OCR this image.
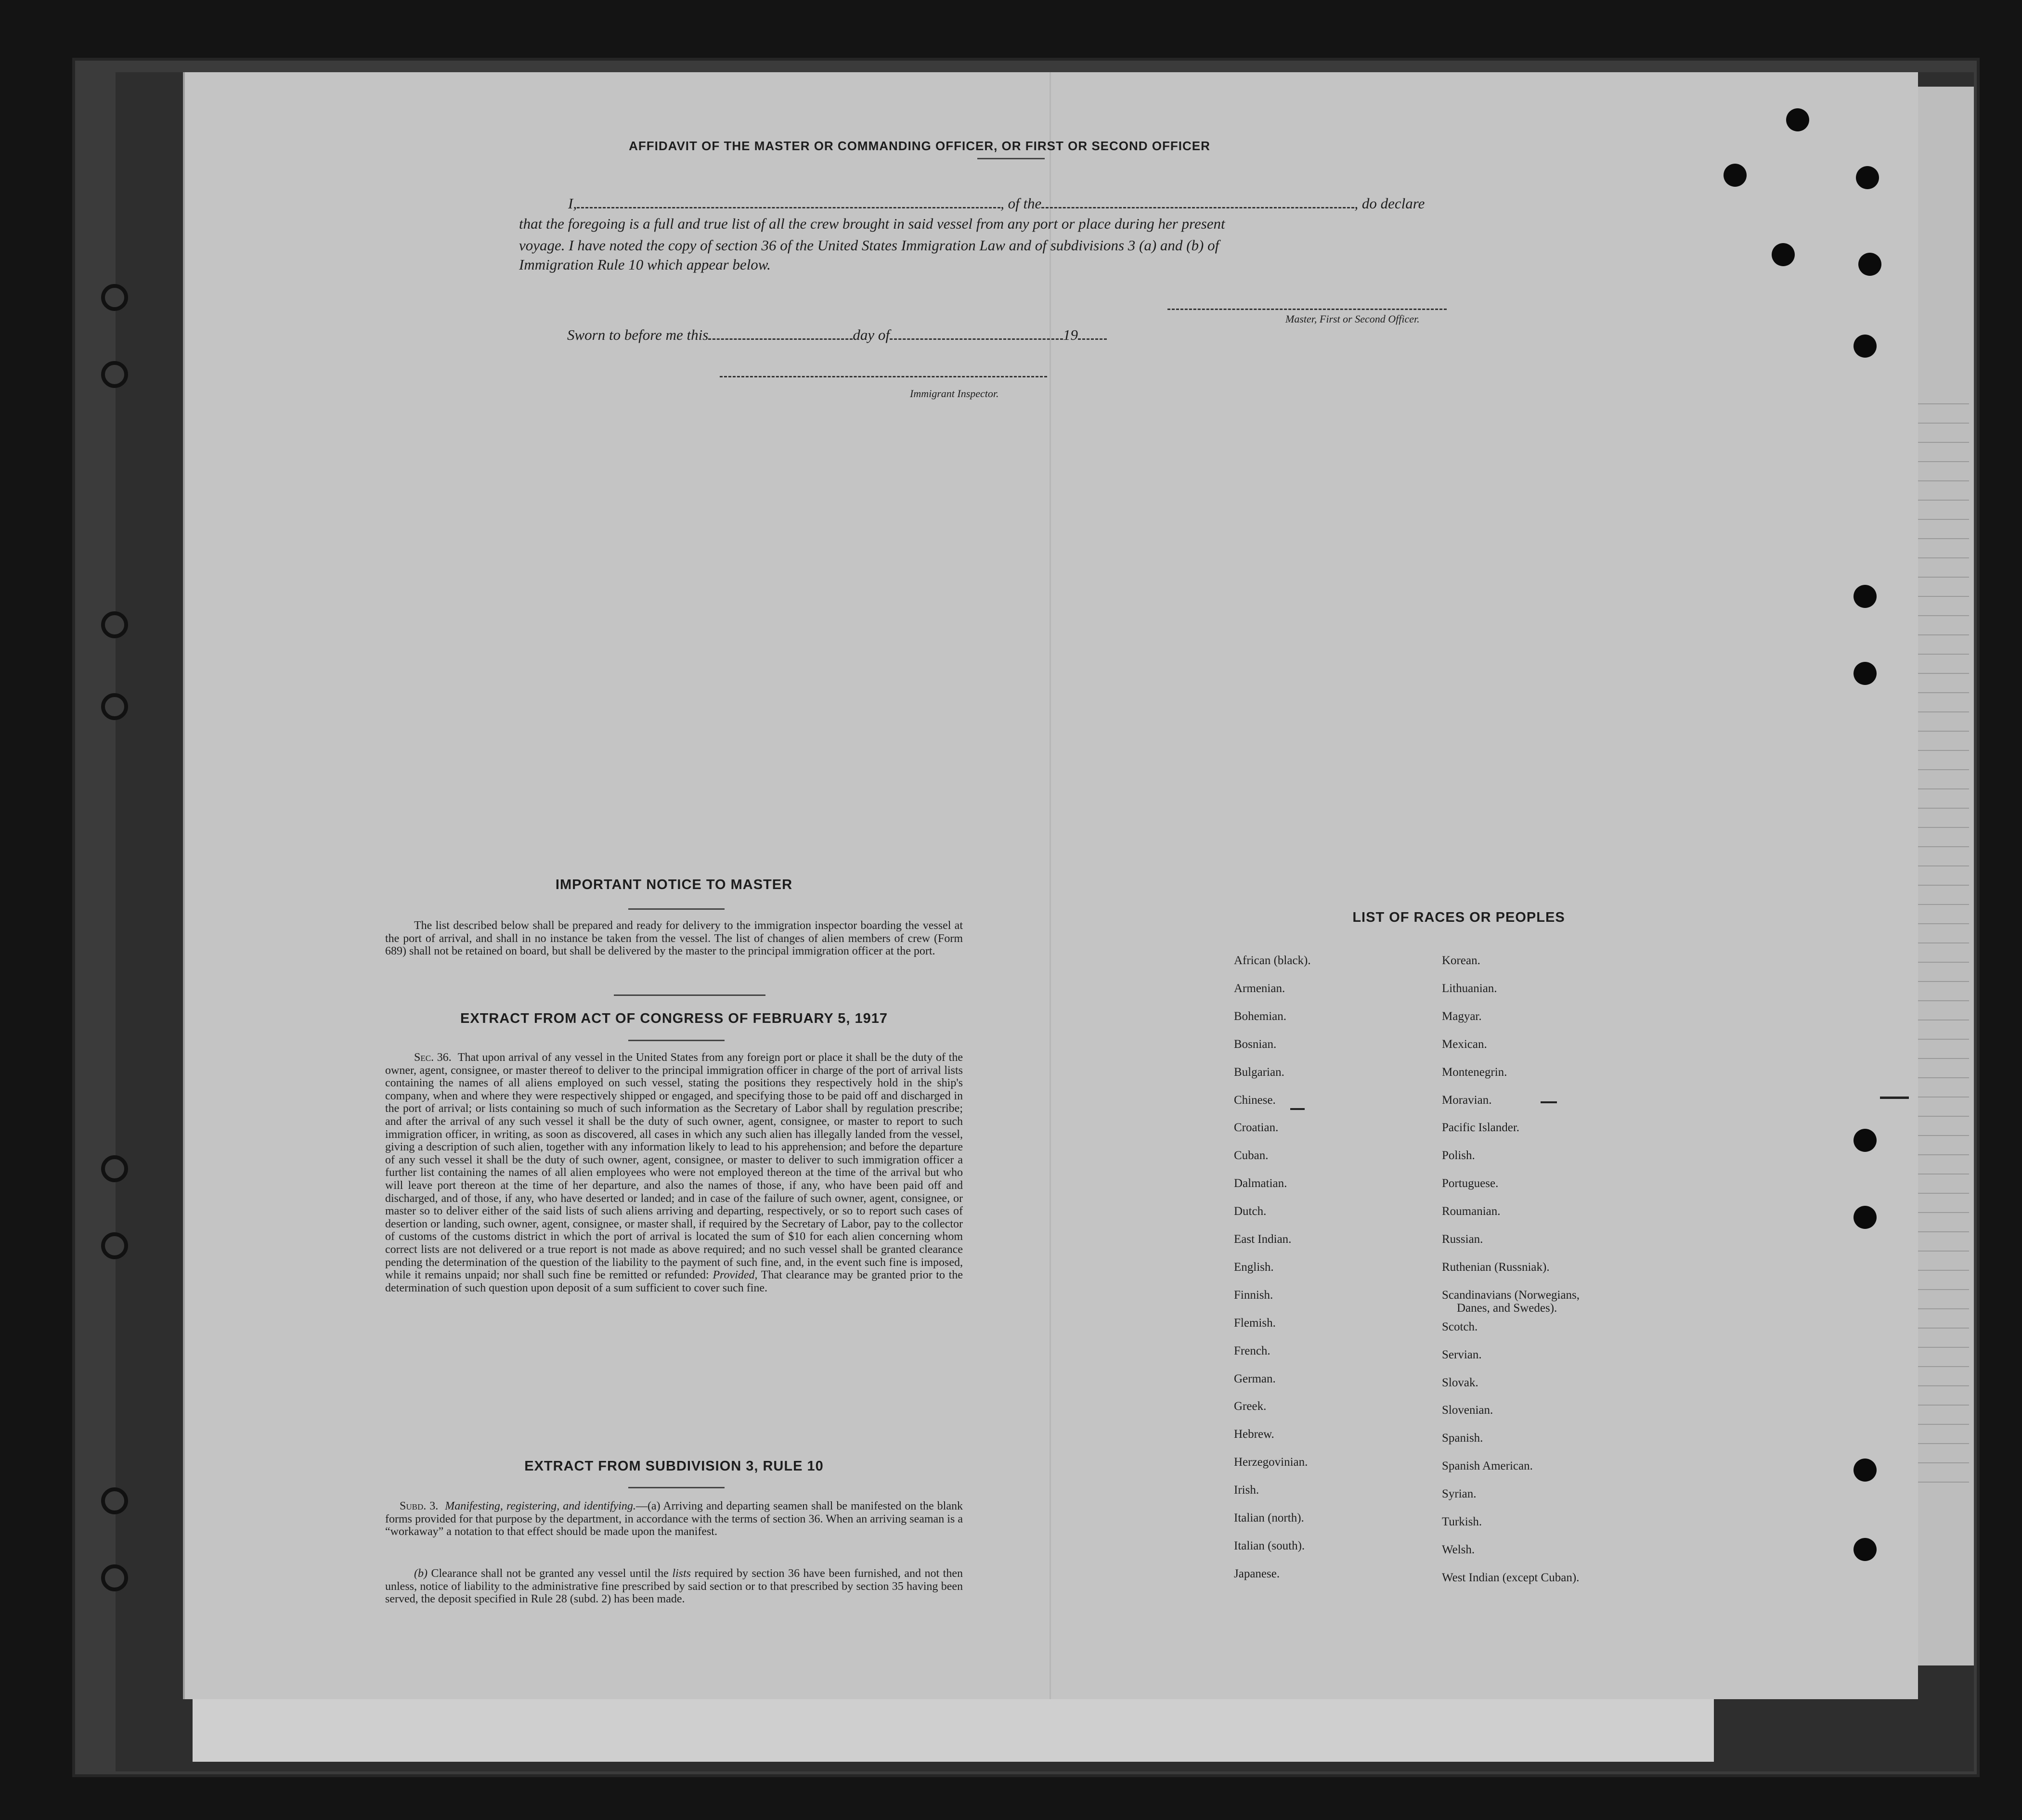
AFFIDAVIT OF THE MASTER OR COMMANDING OFFICER, OR FIRST OR SECOND OFFICER
I,	, of the	, do declare
that the foregoing is a full and true list of all the crew brought in said vessel from any port or place during her present
voyage. I have noted the copy of section 36 of the United States Immigration Law and of subdivisions 3 (a) and (b) of
Immigration Rule 10 which appear below.
Master, First or Second Officer.
Sworn to before me this	day of	19
Immigrant Inspector.
IMPORTANT NOTICE TO MASTER
The list described below shall be prepared and ready for delivery to the immigration inspector boarding the vessel at the port of arrival, and shall in no instance be taken from the vessel. The list of changes of alien members of crew (Form 689) shall not be retained on board, but shall be delivered by the master to the principal immigration officer at the port.
EXTRACT FROM ACT OF CONGRESS OF FEBRUARY 5, 1917
Sec. 36. That upon arrival of any vessel in the United States from any foreign port or place it shall be the duty of the owner, agent, consignee, or master thereof to deliver to the principal immigration officer in charge of the port of arrival lists containing the names of all aliens employed on such vessel, stating the positions they respectively hold in the ship's company, when and where they were respectively shipped or engaged, and specifying those to be paid off and discharged in the port of arrival; or lists containing so much of such information as the Secretary of Labor shall by regulation prescribe; and after the arrival of any such vessel it shall be the duty of such owner, agent, consignee, or master to report to such immigration officer, in writing, as soon as discovered, all cases in which any such alien has illegally landed from the vessel, giving a description of such alien, together with any information likely to lead to his apprehension; and before the departure of any such vessel it shall be the duty of such owner, agent, consignee, or master to deliver to such immigration officer a further list containing the names of all alien employees who were not employed thereon at the time of the arrival but who will leave port thereon at the time of her departure, and also the names of those, if any, who have been paid off and discharged, and of those, if any, who have deserted or landed; and in case of the failure of such owner, agent, consignee, or master so to deliver either of the said lists of such aliens arriving and departing, respectively, or so to report such cases of desertion or landing, such owner, agent, consignee, or master shall, if required by the Secretary of Labor, pay to the collector of customs of the customs district in which the port of arrival is located the sum of $10 for each alien concerning whom correct lists are not delivered or a true report is not made as above required; and no such vessel shall be granted clearance pending the determination of the question of the liability to the payment of such fine, and, in the event such fine is imposed, while it remains unpaid; nor shall such fine be remitted or refunded: Provided, That clearance may be granted prior to the determination of such question upon deposit of a sum sufficient to cover such fine.
EXTRACT FROM SUBDIVISION 3, RULE 10
Subd. 3. Manifesting, registering, and identifying.—(a) Arriving and departing seamen shall be manifested on the blank forms provided for that purpose by the department, in accordance with the terms of section 36. When an arriving seaman is a “workaway” a notation to that effect should be made upon the manifest.
(b) Clearance shall not be granted any vessel until the lists required by section 36 have been furnished, and not then unless, notice of liability to the administrative fine prescribed by said section or to that prescribed by section 35 having been served, the deposit specified in Rule 28 (subd. 2) has been made.
LIST OF RACES OR PEOPLES
African (black).
Armenian.
Bohemian.
Bosnian.
Bulgarian.
Chinese.
Croatian.
Cuban.
Dalmatian.
Dutch.
East Indian.
English.
Finnish.
Flemish.
French.
German.
Greek.
Hebrew.
Herzegovinian.
Irish.
Italian (north).
Italian (south).
Japanese.
Korean.
Lithuanian.
Magyar.
Mexican.
Montenegrin.
Moravian.
Pacific Islander.
Polish.
Portuguese.
Roumanian.
Russian.
Ruthenian (Russniak).
Scandinavians (Norwegians,
Scotch.
Servian.
Slovak.
Slovenian.
Spanish.
Spanish American.
Syrian.
Turkish.
Welsh.
West Indian (except Cuban).
Danes, and Swedes).
